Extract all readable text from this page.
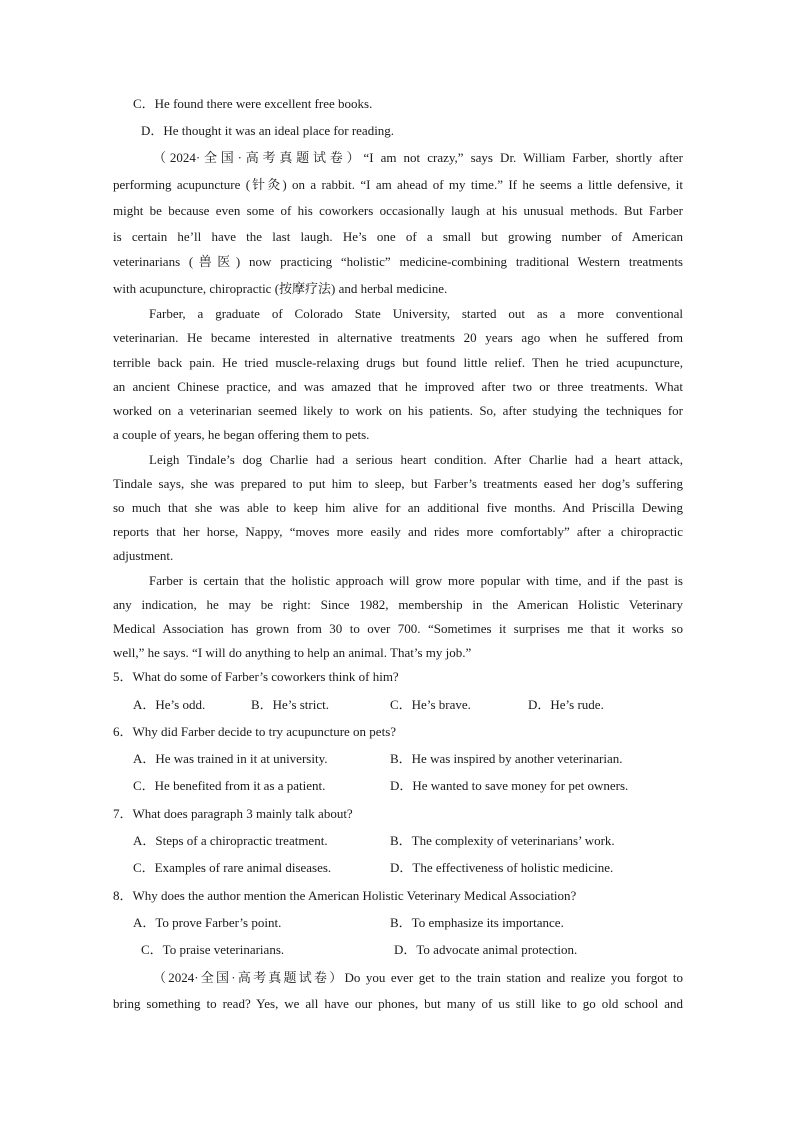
C．He found there were excellent free books.
D．He thought it was an ideal place for reading.
（2024·全国·高考真题试卷）“I am not crazy,” says Dr. William Farber, shortly after
performing acupuncture (针灸) on a rabbit. “I am ahead of my time.” If he seems a little defensive, it
might be because even some of his coworkers occasionally laugh at his unusual methods. But Farber
is certain he’ll have the last laugh. He’s one of a small but growing number of American
veterinarians (兽医) now practicing “holistic” medicine-combining traditional Western treatments
with acupuncture, chiropractic (按摩疗法) and herbal medicine.
Farber, a graduate of Colorado State University, started out as a more conventional
veterinarian. He became interested in alternative treatments 20 years ago when he suffered from
terrible back pain. He tried muscle-relaxing drugs but found little relief. Then he tried acupuncture,
an ancient Chinese practice, and was amazed that he improved after two or three treatments. What
worked on a veterinarian seemed likely to work on his patients. So, after studying the techniques for
a couple of years, he began offering them to pets.
Leigh Tindale’s dog Charlie had a serious heart condition. After Charlie had a heart attack,
Tindale says, she was prepared to put him to sleep, but Farber’s treatments eased her dog’s suffering
so much that she was able to keep him alive for an additional five months. And Priscilla Dewing
reports that her horse, Nappy, “moves more easily and rides more comfortably” after a chiropractic
adjustment.
Farber is certain that the holistic approach will grow more popular with time, and if the past is
any indication, he may be right: Since 1982, membership in the American Holistic Veterinary
Medical Association has grown from 30 to over 700. “Sometimes it surprises me that it works so
well,” he says. “I will do anything to help an animal. That’s my job.”
5．What do some of Farber’s coworkers think of him?
A．He’s odd.	B．He’s strict.	C．He’s brave.	D．He’s rude.
6．Why did Farber decide to try acupuncture on pets?
A．He was trained in it at university.	B．He was inspired by another veterinarian.
C．He benefited from it as a patient.	D．He wanted to save money for pet owners.
7．What does paragraph 3 mainly talk about?
A．Steps of a chiropractic treatment.	B．The complexity of veterinarians’ work.
C．Examples of rare animal diseases.	D．The effectiveness of holistic medicine.
8．Why does the author mention the American Holistic Veterinary Medical Association?
A．To prove Farber’s point.	B．To emphasize its importance.
C．To praise veterinarians.	D．To advocate animal protection.
（2024·全国·高考真题试卷）Do you ever get to the train station and realize you forgot to
bring something to read? Yes, we all have our phones, but many of us still like to go old school and
